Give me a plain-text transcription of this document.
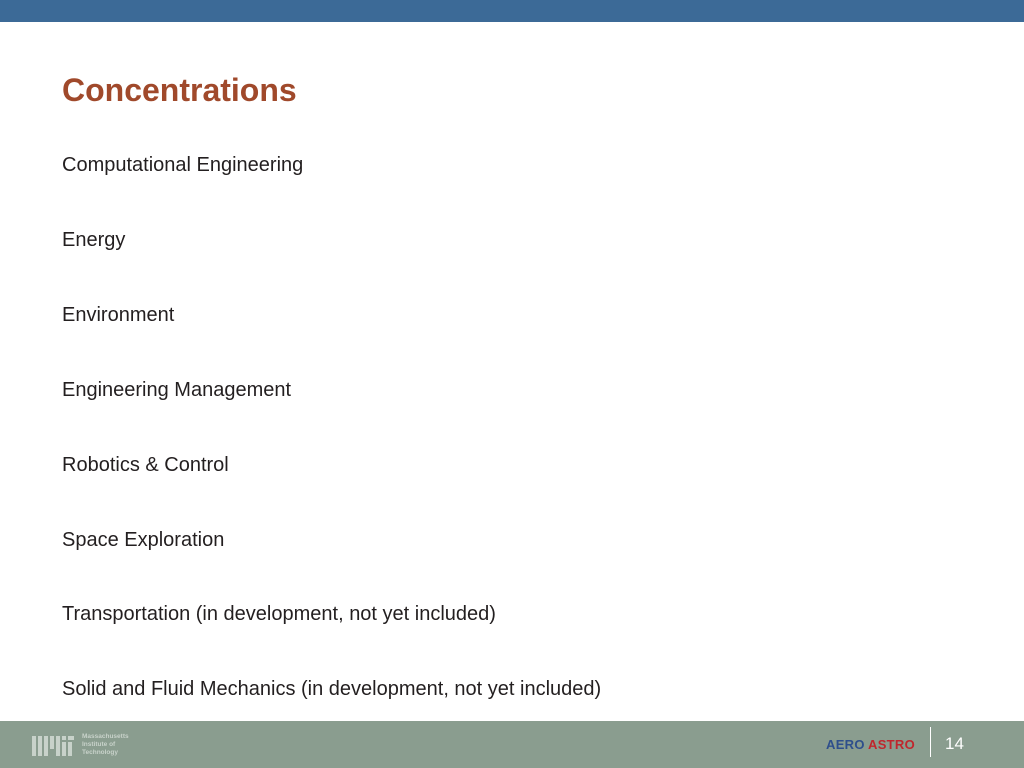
Concentrations
Computational Engineering
Energy
Environment
Engineering Management
Robotics & Control
Space Exploration
Transportation (in development, not yet included)
Solid and Fluid Mechanics (in development, not yet included)
Massachusetts
Institute of
Technology
AERO ASTRO 14
